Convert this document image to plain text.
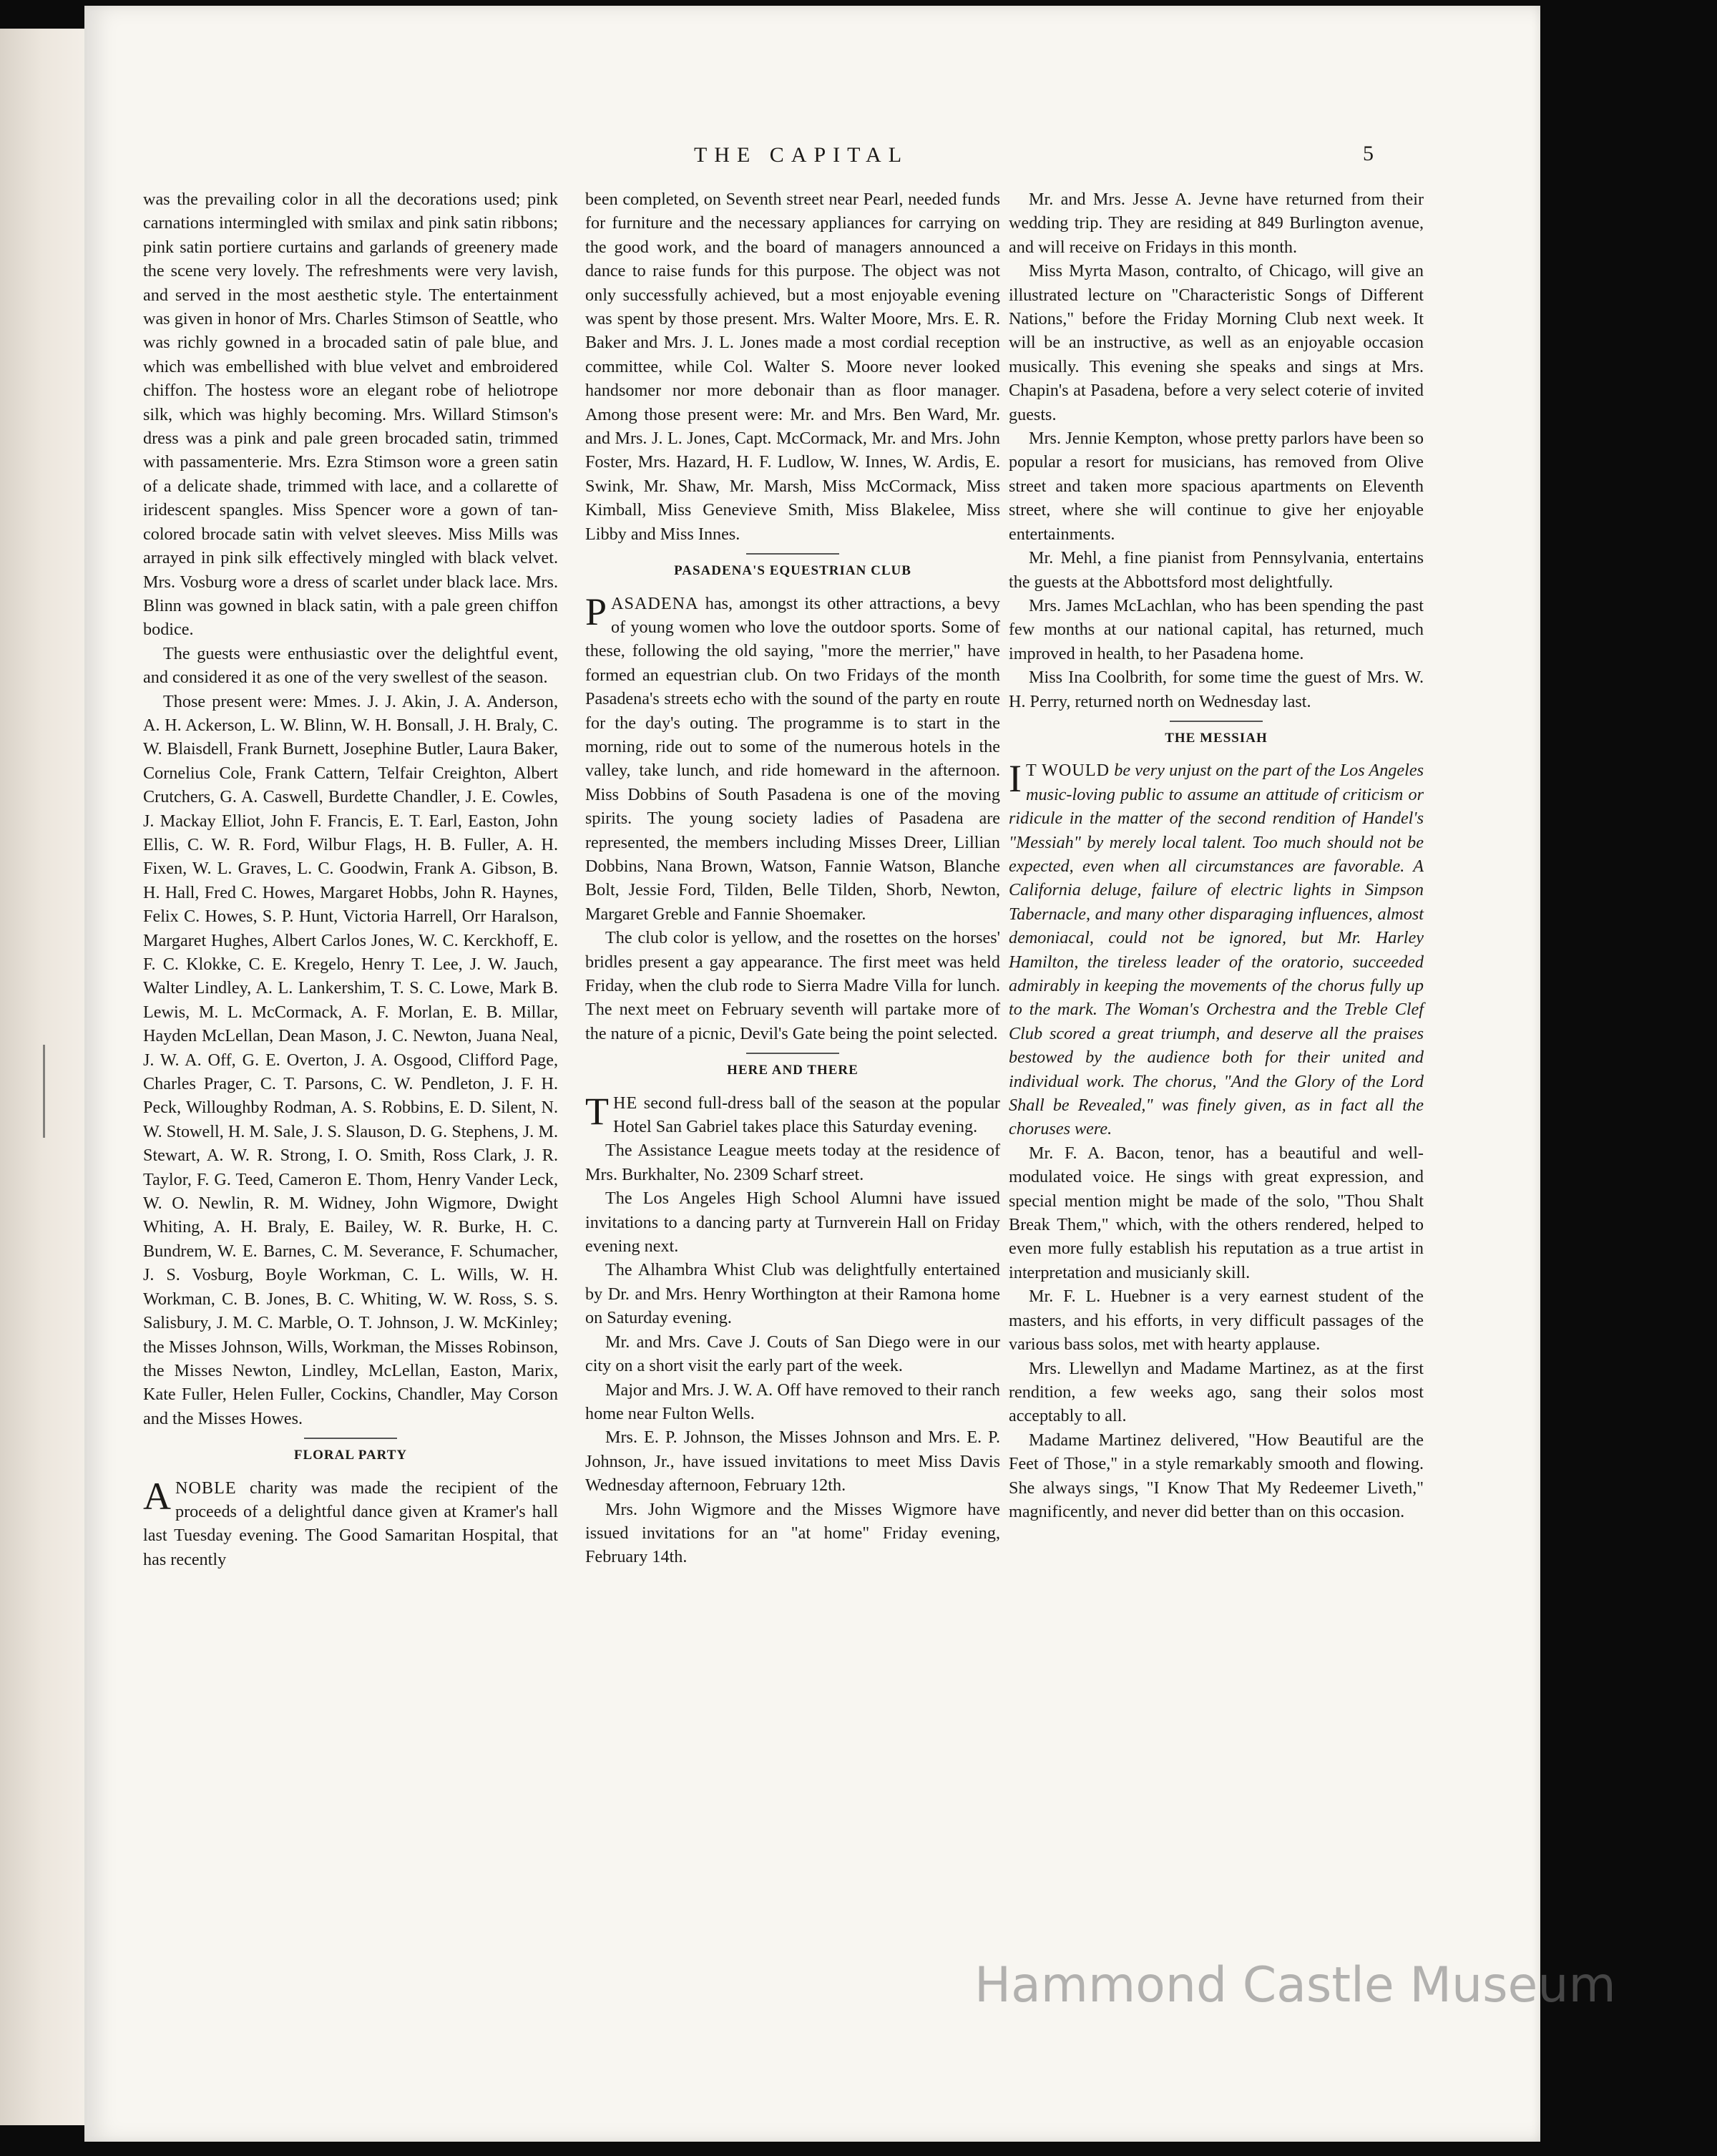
THE CAPITAL	5

was the prevailing color in all the decorations used; pink carnations intermingled with smilax and pink satin ribbons; pink satin portiere curtains and garlands of greenery made the scene very lovely. The refreshments were very lavish, and served in the most aesthetic style. The entertainment was given in honor of Mrs. Charles Stimson of Seattle, who was richly gowned in a brocaded satin of pale blue, and which was embellished with blue velvet and embroidered chiffon. The hostess wore an elegant robe of heliotrope silk, which was highly becoming. Mrs. Willard Stimson's dress was a pink and pale green brocaded satin, trimmed with passamenterie. Mrs. Ezra Stimson wore a green satin of a delicate shade, trimmed with lace, and a collarette of iridescent spangles. Miss Spencer wore a gown of tan-colored brocade satin with velvet sleeves. Miss Mills was arrayed in pink silk effectively mingled with black velvet. Mrs. Vosburg wore a dress of scarlet under black lace. Mrs. Blinn was gowned in black satin, with a pale green chiffon bodice.

The guests were enthusiastic over the delightful event, and considered it as one of the very swellest of the season.

Those present were: Mmes. J. J. Akin, J. A. Anderson, A. H. Ackerson, L. W. Blinn, W. H. Bonsall, J. H. Braly, C. W. Blaisdell, Frank Burnett, Josephine Butler, Laura Baker, Cornelius Cole, Frank Cattern, Telfair Creighton, Albert Crutchers, G. A. Caswell, Burdette Chandler, J. E. Cowles, J. Mackay Elliot, John F. Francis, E. T. Earl, Easton, John Ellis, C. W. R. Ford, Wilbur Flags, H. B. Fuller, A. H. Fixen, W. L. Graves, L. C. Goodwin, Frank A. Gibson, B. H. Hall, Fred C. Howes, Margaret Hobbs, John R. Haynes, Felix C. Howes, S. P. Hunt, Victoria Harrell, Orr Haralson, Margaret Hughes, Albert Carlos Jones, W. C. Kerckhoff, E. F. C. Klokke, C. E. Kregelo, Henry T. Lee, J. W. Jauch, Walter Lindley, A. L. Lankershim, T. S. C. Lowe, Mark B. Lewis, M. L. McCormack, A. F. Morlan, E. B. Millar, Hayden McLellan, Dean Mason, J. C. Newton, Juana Neal, J. W. A. Off, G. E. Overton, J. A. Osgood, Clifford Page, Charles Prager, C. T. Parsons, C. W. Pendleton, J. F. H. Peck, Willoughby Rodman, A. S. Robbins, E. D. Silent, N. W. Stowell, H. M. Sale, J. S. Slauson, D. G. Stephens, J. M. Stewart, A. W. R. Strong, I. O. Smith, Ross Clark, J. R. Taylor, F. G. Teed, Cameron E. Thom, Henry Vander Leck, W. O. Newlin, R. M. Widney, John Wigmore, Dwight Whiting, A. H. Braly, E. Bailey, W. R. Burke, H. C. Bundrem, W. E. Barnes, C. M. Severance, F. Schumacher, J. S. Vosburg, Boyle Workman, C. L. Wills, W. H. Workman, C. B. Jones, B. C. Whiting, W. W. Ross, S. S. Salisbury, J. M. C. Marble, O. T. Johnson, J. W. McKinley; the Misses Johnson, Wills, Workman, the Misses Robinson, the Misses Newton, Lindley, McLellan, Easton, Marix, Kate Fuller, Helen Fuller, Cockins, Chandler, May Corson and the Misses Howes.

FLORAL PARTY

ANOBLE charity was made the recipient of the proceeds of a delightful dance given at Kramer's hall last Tuesday evening. The Good Samaritan Hospital, that has recently

been completed, on Seventh street near Pearl, needed funds for furniture and the necessary appliances for carrying on the good work, and the board of managers announced a dance to raise funds for this purpose. The object was not only successfully achieved, but a most enjoyable evening was spent by those present. Mrs. Walter Moore, Mrs. E. R. Baker and Mrs. J. L. Jones made a most cordial reception committee, while Col. Walter S. Moore never looked handsomer nor more debonair than as floor manager. Among those present were: Mr. and Mrs. Ben Ward, Mr. and Mrs. J. L. Jones, Capt. McCormack, Mr. and Mrs. John Foster, Mrs. Hazard, H. F. Ludlow, W. Innes, W. Ardis, E. Swink, Mr. Shaw, Mr. Marsh, Miss McCormack, Miss Kimball, Miss Genevieve Smith, Miss Blakelee, Miss Libby and Miss Innes.

PASADENA'S EQUESTRIAN CLUB

PASADENA has, amongst its other attractions, a bevy of young women who love the outdoor sports. Some of these, following the old saying, "more the merrier," have formed an equestrian club. On two Fridays of the month Pasadena's streets echo with the sound of the party en route for the day's outing. The programme is to start in the morning, ride out to some of the numerous hotels in the valley, take lunch, and ride homeward in the afternoon. Miss Dobbins of South Pasadena is one of the moving spirits. The young society ladies of Pasadena are represented, the members including Misses Dreer, Lillian Dobbins, Nana Brown, Watson, Fannie Watson, Blanche Bolt, Jessie Ford, Tilden, Belle Tilden, Shorb, Newton, Margaret Greble and Fannie Shoemaker.

The club color is yellow, and the rosettes on the horses' bridles present a gay appearance. The first meet was held Friday, when the club rode to Sierra Madre Villa for lunch. The next meet on February seventh will partake more of the nature of a picnic, Devil's Gate being the point selected.

HERE AND THERE

THE second full-dress ball of the season at the popular Hotel San Gabriel takes place this Saturday evening.

The Assistance League meets today at the residence of Mrs. Burkhalter, No. 2309 Scharf street.

The Los Angeles High School Alumni have issued invitations to a dancing party at Turnverein Hall on Friday evening next.

The Alhambra Whist Club was delightfully entertained by Dr. and Mrs. Henry Worthington at their Ramona home on Saturday evening.

Mr. and Mrs. Cave J. Couts of San Diego were in our city on a short visit the early part of the week.

Major and Mrs. J. W. A. Off have removed to their ranch home near Fulton Wells.

Mrs. E. P. Johnson, the Misses Johnson and Mrs. E. P. Johnson, Jr., have issued invitations to meet Miss Davis Wednesday afternoon, February 12th.

Mrs. John Wigmore and the Misses Wigmore have issued invitations for an "at home" Friday evening, February 14th.

Mr. and Mrs. Jesse A. Jevne have returned from their wedding trip. They are residing at 849 Burlington avenue, and will receive on Fridays in this month.

Miss Myrta Mason, contralto, of Chicago, will give an illustrated lecture on "Characteristic Songs of Different Nations," before the Friday Morning Club next week. It will be an instructive, as well as an enjoyable occasion musically. This evening she speaks and sings at Mrs. Chapin's at Pasadena, before a very select coterie of invited guests.

Mrs. Jennie Kempton, whose pretty parlors have been so popular a resort for musicians, has removed from Olive street and taken more spacious apartments on Eleventh street, where she will continue to give her enjoyable entertainments.

Mr. Mehl, a fine pianist from Pennsylvania, entertains the guests at the Abbottsford most delightfully.

Mrs. James McLachlan, who has been spending the past few months at our national capital, has returned, much improved in health, to her Pasadena home.

Miss Ina Coolbrith, for some time the guest of Mrs. W. H. Perry, returned north on Wednesday last.

THE MESSIAH

I T WOULD be very unjust on the part of the Los Angeles music-loving public to assume an attitude of criticism or ridicule in the matter of the second rendition of Handel's "Messiah" by merely local talent. Too much should not be expected, even when all circumstances are favorable. A California deluge, failure of electric lights in Simpson Tabernacle, and many other disparaging influences, almost demoniacal, could not be ignored, but Mr. Harley Hamilton, the tireless leader of the oratorio, succeeded admirably in keeping the movements of the chorus fully up to the mark. The Woman's Orchestra and the Treble Clef Club scored a great triumph, and deserve all the praises bestowed by the audience both for their united and individual work. The chorus, "And the Glory of the Lord Shall be Revealed," was finely given, as in fact all the choruses were.

Mr. F. A. Bacon, tenor, has a beautiful and well-modulated voice. He sings with great expression, and special mention might be made of the solo, "Thou Shalt Break Them," which, with the others rendered, helped to even more fully establish his reputation as a true artist in interpretation and musicianly skill.

Mr. F. L. Huebner is a very earnest student of the masters, and his efforts, in very difficult passages of the various bass solos, met with hearty applause.

Mrs. Llewellyn and Madame Martinez, as at the first rendition, a few weeks ago, sang their solos most acceptably to all.

Madame Martinez delivered, "How Beautiful are the Feet of Those," in a style remarkably smooth and flowing. She always sings, "I Know That My Redeemer Liveth," magnificently, and never did better than on this occasion.

Hammond Castle Museum
